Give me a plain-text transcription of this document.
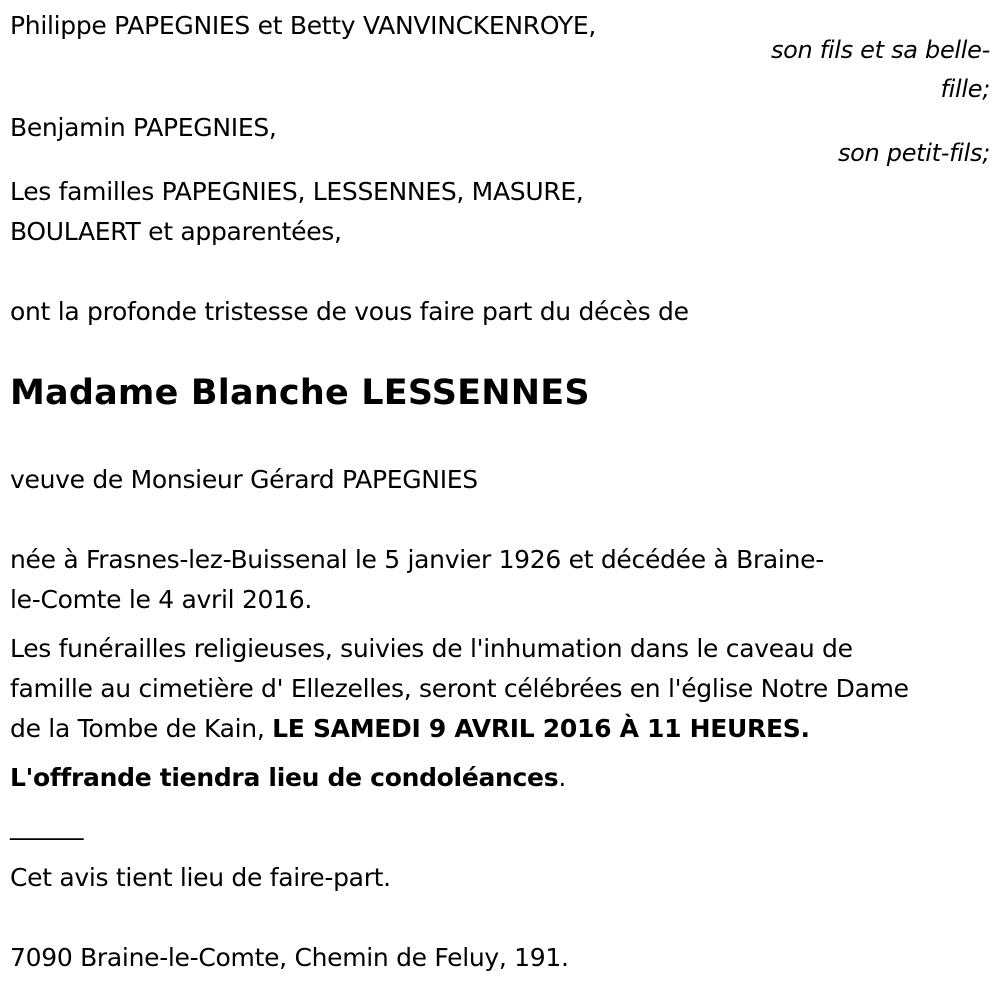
Philippe PAPEGNIES et Betty VANVINCKENROYE,
son fils et sa belle-
fille;
Benjamin PAPEGNIES,
son petit-fils;
Les familles PAPEGNIES, LESSENNES, MASURE,
BOULAERT et apparentées,
ont la profonde tristesse de vous faire part du décès de
Madame Blanche LESSENNES
veuve de Monsieur Gérard PAPEGNIES
née à Frasnes-lez-Buissenal le 5 janvier 1926 et décédée à Braine-
le-Comte le 4 avril 2016.
Les funérailles religieuses, suivies de l'inhumation dans le caveau de
famille au cimetière d' Ellezelles, seront célébrées en l'église Notre Dame
de la Tombe de Kain, LE SAMEDI 9 AVRIL 2016 À 11 HEURES.
L'offrande tiendra lieu de condoléances.
______
Cet avis tient lieu de faire-part.
7090 Braine-le-Comte, Chemin de Feluy, 191.
